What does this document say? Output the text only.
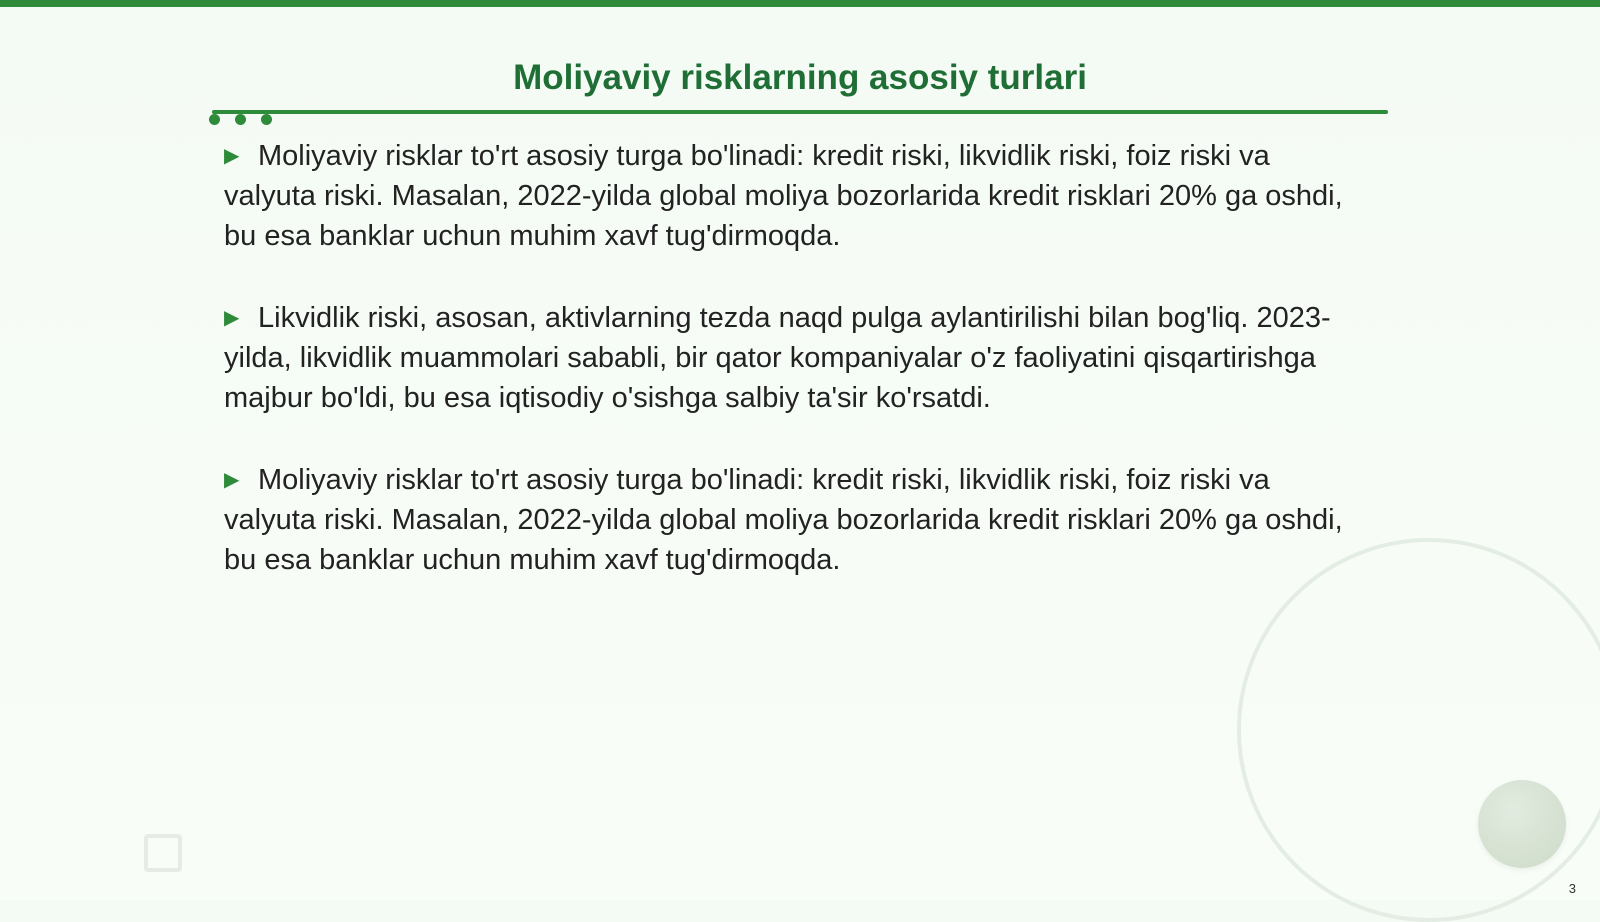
Moliyaviy risklarning asosiy turlari
▶ Moliyaviy risklar to'rt asosiy turga bo'linadi: kredit riski, likvidlik riski, foiz riski va valyuta riski. Masalan, 2022-yilda global moliya bozorlarida kredit risklari 20% ga oshdi, bu esa banklar uchun muhim xavf tug'dirmoqda.
▶ Likvidlik riski, asosan, aktivlarning tezda naqd pulga aylantirilishi bilan bog'liq. 2023-yilda, likvidlik muammolari sababli, bir qator kompaniyalar o'z faoliyatini qisqartirishga majbur bo'ldi, bu esa iqtisodiy o'sishga salbiy ta'sir ko'rsatdi.
▶ Moliyaviy risklar to'rt asosiy turga bo'linadi: kredit riski, likvidlik riski, foiz riski va valyuta riski. Masalan, 2022-yilda global moliya bozorlarida kredit risklari 20% ga oshdi, bu esa banklar uchun muhim xavf tug'dirmoqda.
3
